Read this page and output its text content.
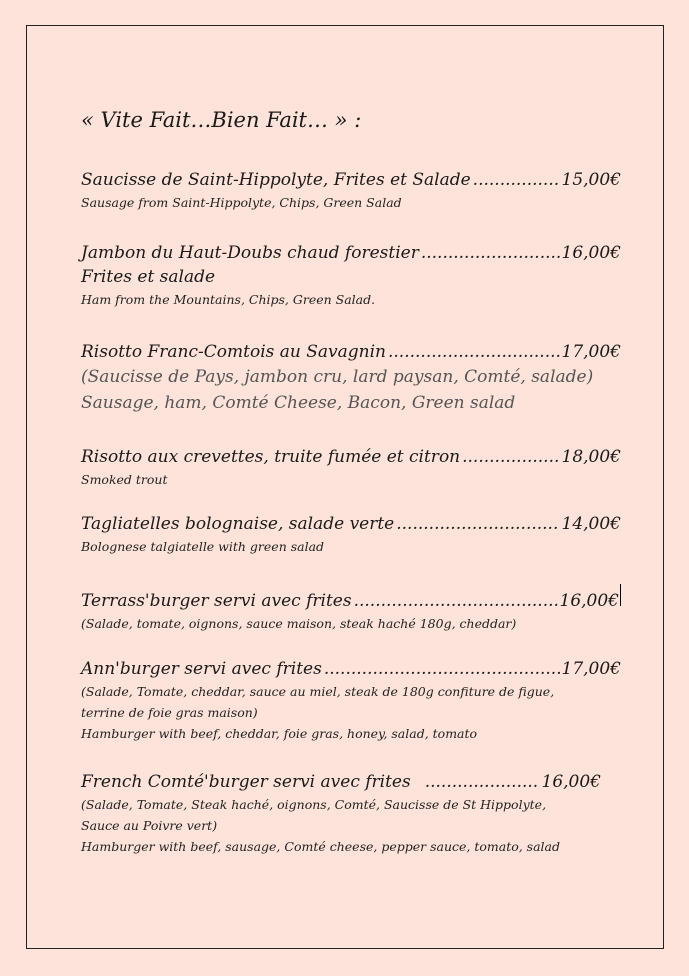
« Vite Fait…Bien Fait… » :
Saucisse de Saint-Hippolyte, Frites et Salade .....	15,00€
Sausage from Saint-Hippolyte, Chips, Green Salad
Jambon du Haut-Doubs chaud forestier .....	16,00€
Frites et salade
Ham from the Mountains, Chips, Green Salad.
Risotto Franc-Comtois au Savagnin .....	17,00€
(Saucisse de Pays, jambon cru, lard paysan, Comté, salade)
Sausage, ham, Comté Cheese, Bacon, Green salad
Risotto aux crevettes, truite fumée et citron .....	18,00€
Smoked trout
Tagliatelles bolognaise, salade verte .....	14,00€
Bolognese talgiatelle with green salad
Terrass'burger servi avec frites .....	16,00€
(Salade, tomate, oignons, sauce maison, steak haché 180g, cheddar)
Ann'burger servi avec frites .....	17,00€
(Salade, Tomate, cheddar, sauce au miel, steak de 180g confiture de figue,
terrine de foie gras maison)
Hamburger with beef, cheddar, foie gras, honey, salad, tomato
French Comté'burger servi avec frites .....	16,00€
(Salade, Tomate, Steak haché, oignons, Comté, Saucisse de St Hippolyte,
Sauce au Poivre vert)
Hamburger with beef, sausage, Comté cheese, pepper sauce, tomato, salad
